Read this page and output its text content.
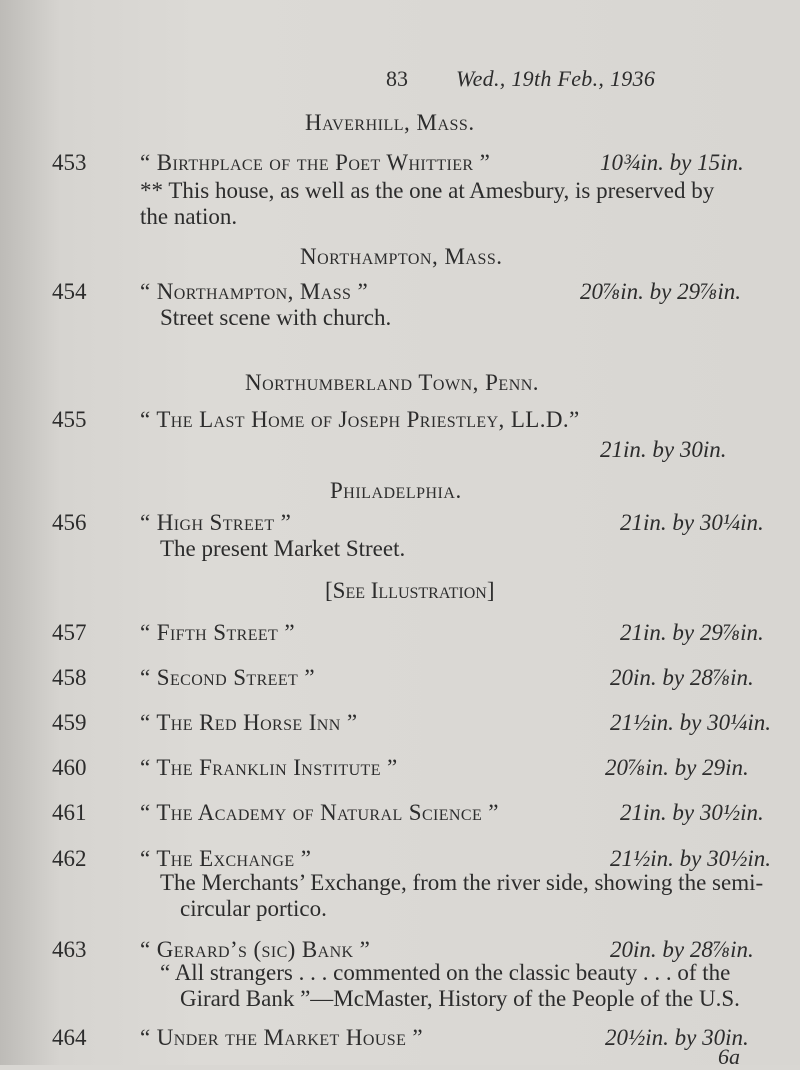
83 Wed., 19th Feb., 1936
Haverhill, Mass.
453 “ Birthplace of the Poet Whittier ”	10¾in. by 15in.
** This house, as well as the one at Amesbury, is preserved by the nation.
Northampton, Mass.
454 “ Northampton, Mass ”	20⅞in. by 29⅞in.
Street scene with church.
Northumberland Town, Penn.
455 “ The Last Home of Joseph Priestley, LL.D.”
21in. by 30in.
Philadelphia.
456 “ High Street ”	21in. by 30¼in.
The present Market Street.
[See Illustration]
457 “ Fifth Street ”	21in. by 29⅞in.
458 “ Second Street ”	20in. by 28⅞in.
459 “ The Red Horse Inn ”	21½in. by 30¼in.
460 “ The Franklin Institute ”	20⅞in. by 29in.
461 “ The Academy of Natural Science ”	21in. by 30½in.
462 “ The Exchange ”	21½in. by 30½in.
The Merchants’ Exchange, from the river side, showing the semi-circular portico.
463 “ Gerard’s (sic) Bank ”	20in. by 28⅞in.
“ All strangers . . . commented on the classic beauty . . . of the Girard Bank ”—McMaster, History of the People of the U.S.
464 “ Under the Market House ”	20½in. by 30in.
6a
